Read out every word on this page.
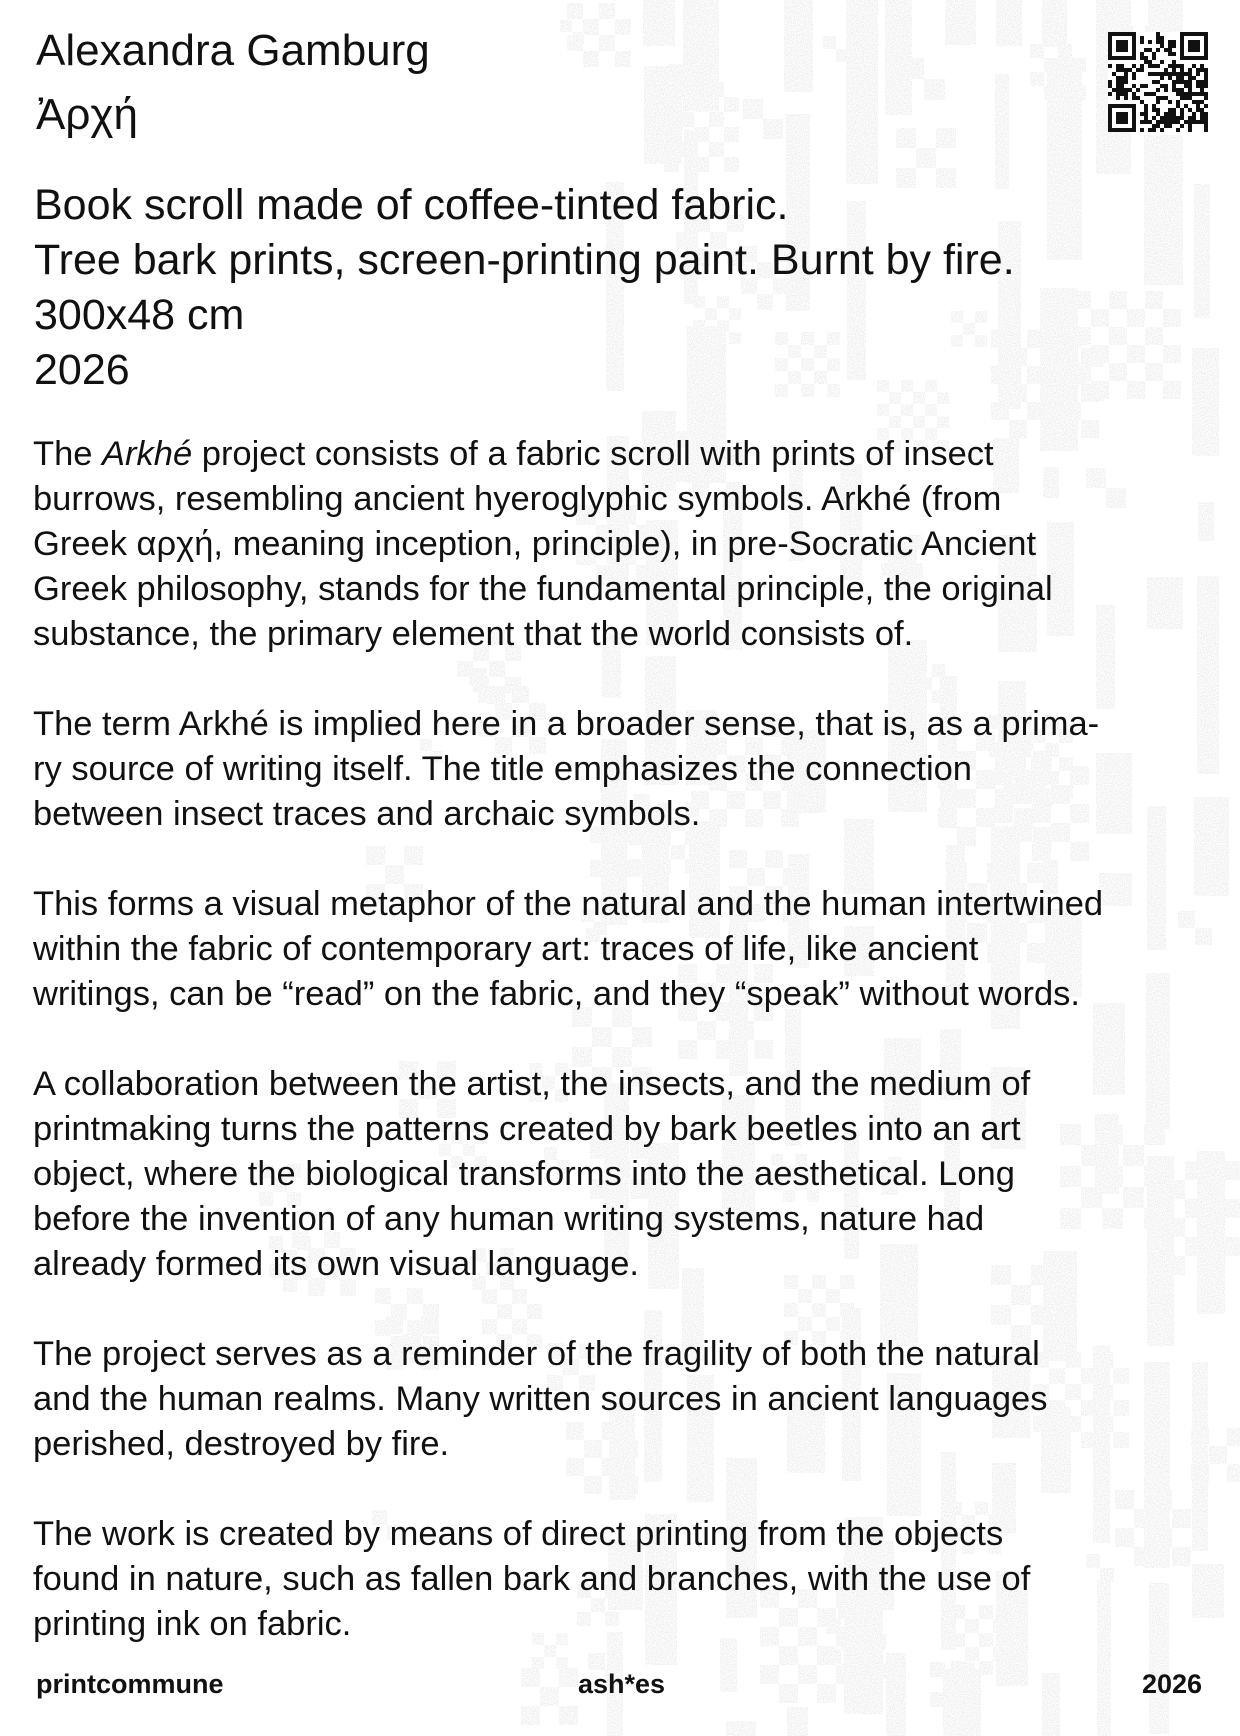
Alexandra Gamburg
Ἀρχή
Book scroll made of coffee-tinted fabric.
Tree bark prints, screen-printing paint. Burnt by fire.
300x48 cm
2026

The Arkhé project consists of a fabric scroll with prints of insect
burrows, resembling ancient hyeroglyphic symbols. Arkhé (from
Greek αρχή, meaning inception, principle), in pre-Socratic Ancient
Greek philosophy, stands for the fundamental principle, the original
substance, the primary element that the world consists of.

The term Arkhé is implied here in a broader sense, that is, as a prima-
ry source of writing itself. The title emphasizes the connection
between insect traces and archaic symbols.

This forms a visual metaphor of the natural and the human intertwined
within the fabric of contemporary art: traces of life, like ancient
writings, can be “read” on the fabric, and they “speak” without words.

A collaboration between the artist, the insects, and the medium of
printmaking turns the patterns created by bark beetles into an art
object, where the biological transforms into the aesthetical. Long
before the invention of any human writing systems, nature had
already formed its own visual language.

The project serves as a reminder of the fragility of both the natural
and the human realms. Many written sources in ancient languages
perished, destroyed by fire.

The work is created by means of direct printing from the objects
found in nature, such as fallen bark and branches, with the use of
printing ink on fabric.

printcommune	ash*es	2026
